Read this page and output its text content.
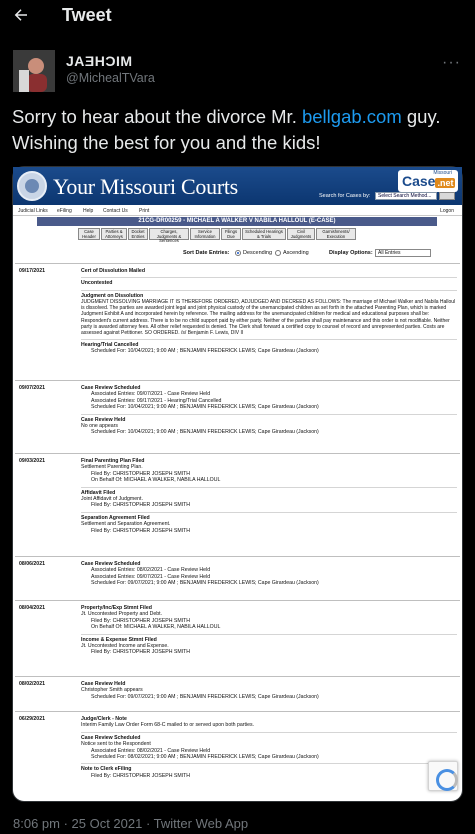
Tweet
JAƎHƆIM
@MichealTVara
···
Sorry to hear about the divorce Mr. bellgab.com guy. Wishing the best for you and the kids!
Your Missouri Courts
Missouri
Case .net
Search for Cases by:	Select Search Method...
Judicial Links eFiling Help Contact Us Print	Logon
21CG-DR00259 - MICHAEL A WALKER V NABILA HALLOUL (E-CASE)
Case Header
Parties & Attorneys
Docket Entries
Charges, Judgments & Sentences
Service Information
Filings Due
Scheduled Hearings & Trials
Civil Judgments
Garnishments/ Execution
Sort Date Entries: Descending Ascending	Display Options:	All Entries
09/17/2021	Cert of Dissolution Mailed
Uncontested
Judgment on Dissolution
JUDGMENT DISSOLVING MARRIAGE IT IS THEREFORE ORDERED, ADJUDGED AND DECREED AS FOLLOWS: The marriage of Michael Walker and Nabila Halloul is dissolved. The parties are awarded joint legal and joint physical custody of the unemancipated children as set forth in the attached Parenting Plan, which is marked Judgment Exhibit A and incorporated herein by reference. The mailing address for the unemancipated children for medical and educational purposes shall be: Respondent's current address. There is to be no child support paid by either party. Neither of the parties shall pay maintenance and this order is not modifiable. Neither party is awarded attorney fees. All other relief requested is denied. The Clerk shall forward a certified copy to counsel of record and unrepresented parties. Costs are assessed against Petitioner. SO ORDERED. /s/ Benjamin F. Lewis, DIV II
Hearing/Trial Cancelled
Scheduled For: 10/04/2021; 9:00 AM ; BENJAMIN FREDERICK LEWIS; Cape Girardeau (Jackson)
09/07/2021	Case Review Scheduled
Associated Entries: 09/07/2021 - Case Review Held
Associated Entries: 09/17/2021 - Hearing/Trial Cancelled
Scheduled For: 10/04/2021; 9:00 AM ; BENJAMIN FREDERICK LEWIS; Cape Girardeau (Jackson)
Case Review Held
No one appears
Scheduled For: 10/04/2021; 9:00 AM ; BENJAMIN FREDERICK LEWIS; Cape Girardeau (Jackson)
09/03/2021	Final Parenting Plan Filed
Settlement Parenting Plan.
Filed By: CHRISTOPHER JOSEPH SMITH
On Behalf Of: MICHAEL A WALKER, NABILA HALLOUL
Affidavit Filed
Joint Affidavit of Judgment.
Filed By: CHRISTOPHER JOSEPH SMITH
Separation Agreement Filed
Settlement and Separation Agreement.
Filed By: CHRISTOPHER JOSEPH SMITH
08/06/2021	Case Review Scheduled
Associated Entries: 08/02/2021 - Case Review Held
Associated Entries: 09/07/2021 - Case Review Held
Scheduled For: 09/07/2021; 9:00 AM ; BENJAMIN FREDERICK LEWIS; Cape Girardeau (Jackson)
08/04/2021	Property/Inc/Exp Stmnt Filed
Jt. Uncontested Property and Debt.
Filed By: CHRISTOPHER JOSEPH SMITH
On Behalf Of: MICHAEL A WALKER, NABILA HALLOUL
Income & Expense Stmnt Filed
Jt. Uncontested Income and Expense.
Filed By: CHRISTOPHER JOSEPH SMITH
08/02/2021	Case Review Held
Christopher Smith appears
Scheduled For: 09/07/2021; 9:00 AM ; BENJAMIN FREDERICK LEWIS; Cape Girardeau (Jackson)
06/29/2021	Judge/Clerk - Note
Interim Family Law Order Form 68-C mailed to or served upon both parties.
Case Review Scheduled
Notice sent to the Respondent
Associated Entries: 08/02/2021 - Case Review Held
Scheduled For: 08/02/2021; 9:00 AM ; BENJAMIN FREDERICK LEWIS; Cape Girardeau (Jackson)
Note to Clerk eFiling
Filed By: CHRISTOPHER JOSEPH SMITH
8:06 pm · 25 Oct 2021 · Twitter Web App
